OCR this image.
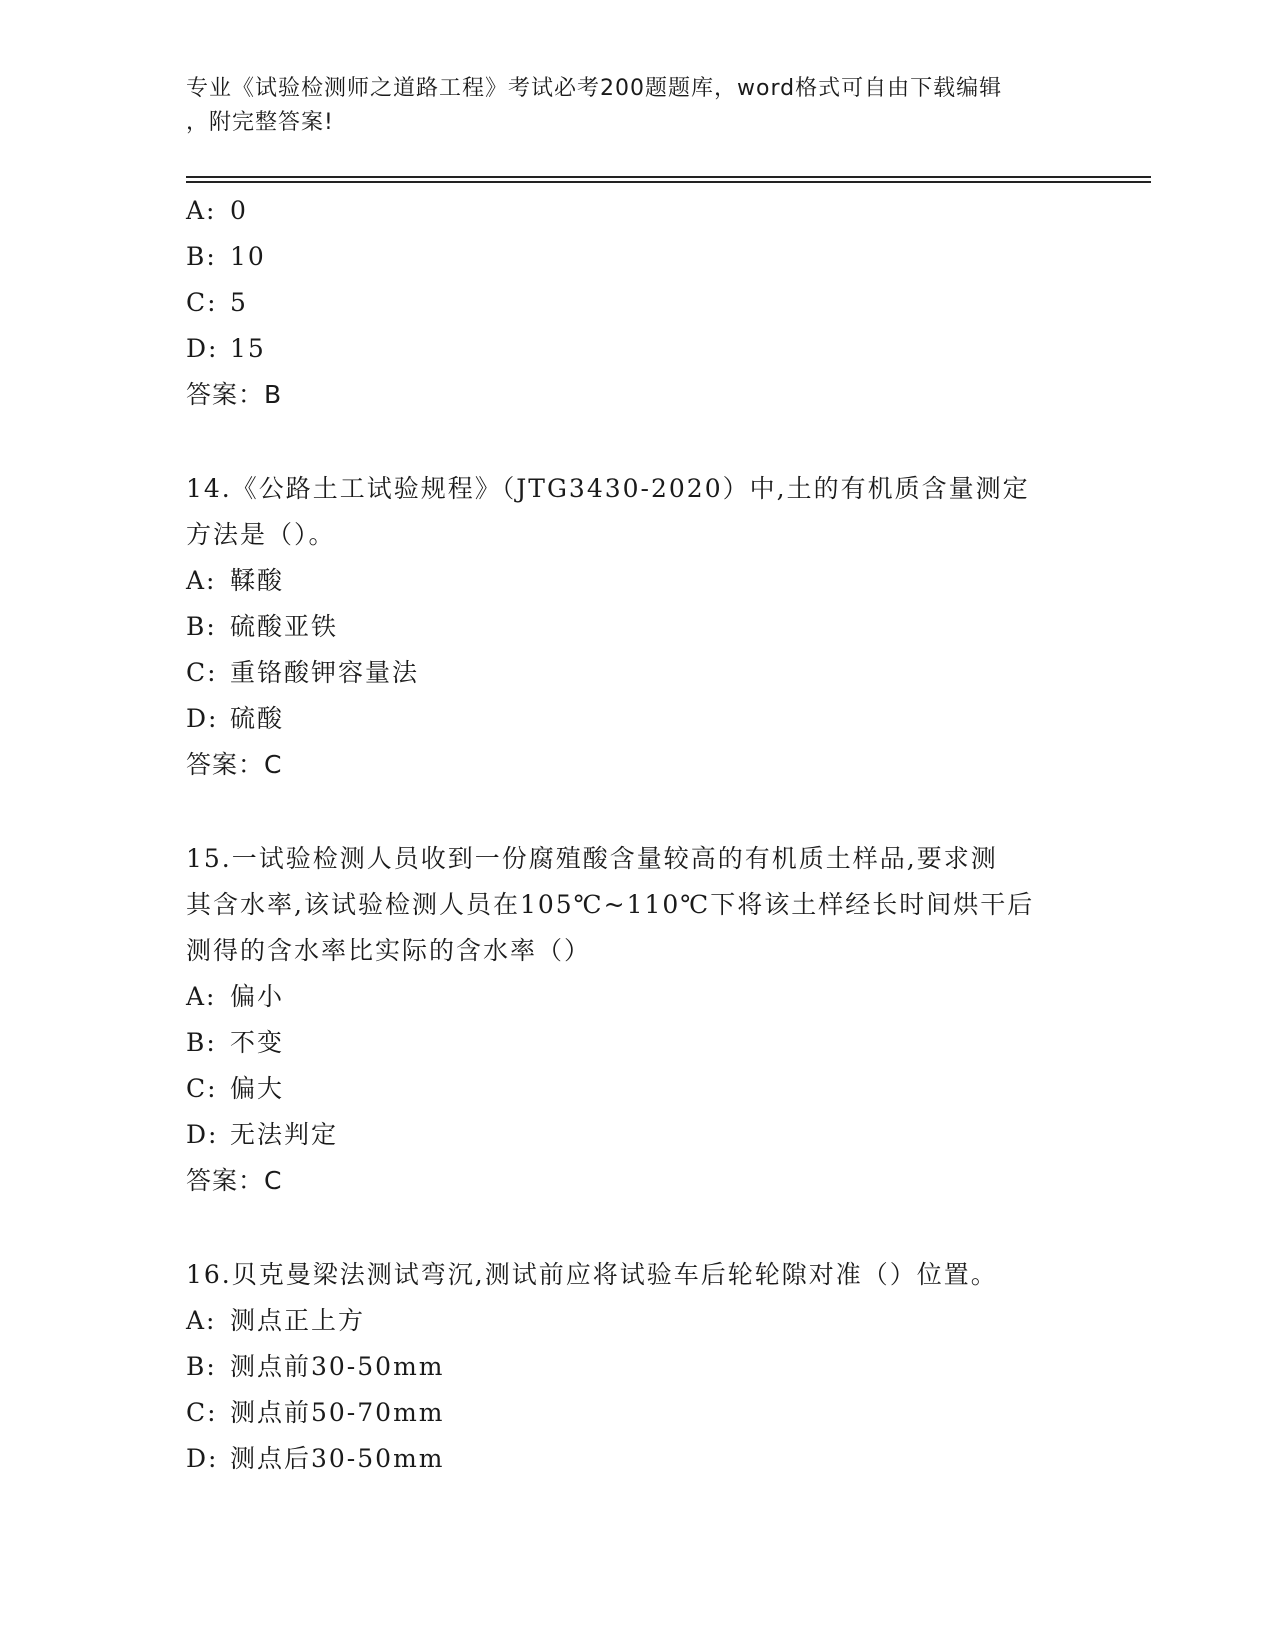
专业《试验检测师之道路工程》考试必考200题题库，word格式可自由下载编辑
，附完整答案!
A: 0
B: 10
C: 5
D: 15
答案：B
14.《公路土工试验规程》（JTG3430-2020）中,土的有机质含量测定
方法是（）。
A: 鞣酸
B: 硫酸亚铁
C: 重铬酸钾容量法
D: 硫酸
答案：C
15.一试验检测人员收到一份腐殖酸含量较高的有机质土样品,要求测
其含水率,该试验检测人员在105℃~110℃下将该土样经长时间烘干后
测得的含水率比实际的含水率（）
A: 偏小
B: 不变
C: 偏大
D: 无法判定
答案：C
16.贝克曼梁法测试弯沉,测试前应将试验车后轮轮隙对准（）位置。
A: 测点正上方
B: 测点前30-50mm
C: 测点前50-70mm
D: 测点后30-50mm
